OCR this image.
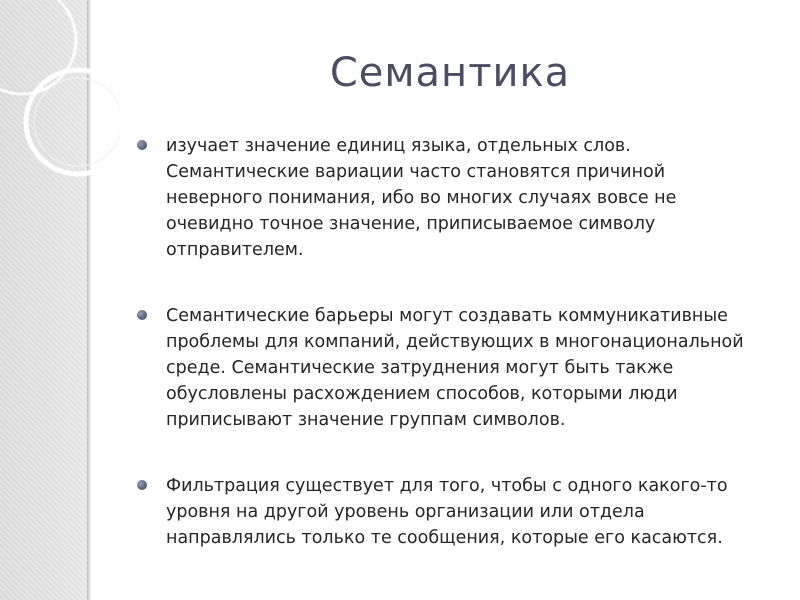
Семантика
изучает значение единиц языка, отдельных слов.
Семантические вариации часто становятся причиной
неверного понимания, ибо во многих случаях вовсе не
очевидно точное значение, приписываемое символу
отправителем.
Семантические барьеры могут создавать коммуникативные
проблемы для компаний, действующих в многонациональной
среде. Семантические затруднения могут быть также
обусловлены расхождением способов, которыми люди
приписывают значение группам символов.
Фильтрация существует для того, чтобы с одного какого-то
уровня на другой уровень организации или отдела
направлялись только те сообщения, которые его касаются.
